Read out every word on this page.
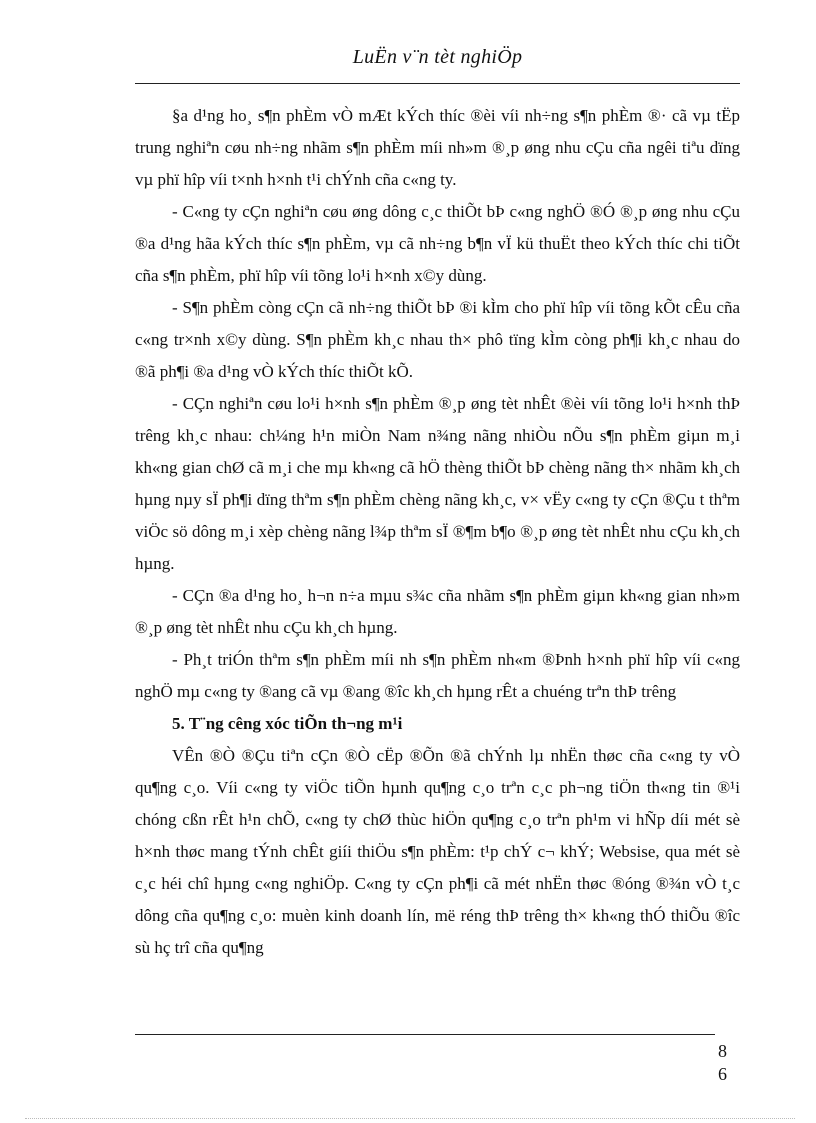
LuËn v¨n tèt nghiÖp

§a d¹ng ho¸ s¶n phÈm vÒ mÆt kÝch thíc ®èi víi nh÷ng s¶n phÈm ®· cã vµ tËp trung nghiªn cøu nh÷ng nhãm s¶n phÈm míi nh»m ®¸p øng nhu cÇu cña ngêi tiªu dïng vµ phï hîp víi t×nh h×nh t¹i chÝnh cña c«ng ty.

- C«ng ty cÇn nghiªn cøu øng dông c¸c thiÕt bÞ c«ng nghÖ ®Ó ®¸p øng nhu cÇu ®a d¹ng hãa kÝch thíc s¶n phÈm, vµ cã nh÷ng b¶n vÏ kü thuËt theo kÝch thíc chi tiÕt cña s¶n phÈm, phï hîp víi tõng lo¹i h×nh x©y dùng.

- S¶n phÈm còng cÇn cã nh÷ng thiÕt bÞ ®i kÌm cho phï hîp víi tõng kÕt cÊu cña c«ng tr×nh x©y dùng. S¶n phÈm kh¸c nhau th× phô tïng kÌm còng ph¶i kh¸c nhau do ®ã ph¶i ®a d¹ng vÒ kÝch thíc thiÕt kÕ.

- CÇn nghiªn cøu lo¹i h×nh s¶n phÈm ®¸p øng tèt nhÊt ®èi víi tõng lo¹i h×nh thÞ trêng kh¸c nhau: ch¼ng h¹n miÒn Nam n¾ng nãng nhiÒu nÕu s¶n phÈm giµn m¸i kh«ng gian chØ cã m¸i che mµ kh«ng cã hÖ thèng thiÕt bÞ chèng nãng th× nhãm kh¸ch hµng nµy sÏ ph¶i dïng thªm s¶n phÈm chèng nãng kh¸c, v× vËy c«ng ty cÇn ®Çu t thªm viÖc sö dông m¸i xèp chèng nãng l¾p thªm sÏ ®¶m b¶o ®¸p øng tèt nhÊt nhu cÇu kh¸ch hµng.

- CÇn ®a d¹ng ho¸ h¬n n÷a mµu s¾c cña nhãm s¶n phÈm giµn kh«ng gian nh»m ®¸p øng tèt nhÊt nhu cÇu kh¸ch hµng.

- Ph¸t triÓn thªm s¶n phÈm míi nh s¶n phÈm nh«m ®Þnh h×nh phï hîp víi c«ng nghÖ mµ c«ng ty ®ang cã vµ ®ang ®îc kh¸ch hµng rÊt a chuéng trªn thÞ trêng

5. T¨ng cêng xóc tiÕn th¬ng m¹i

VÊn ®Ò ®Çu tiªn cÇn ®Ò cËp ®Õn ®ã chÝnh lµ nhËn thøc cña c«ng ty vÒ qu¶ng c¸o. Víi c«ng ty viÖc tiÕn hµnh qu¶ng c¸o trªn c¸c ph¬ng tiÖn th«ng tin ®¹i chóng cßn rÊt h¹n chÕ, c«ng ty chØ thùc hiÖn qu¶ng c¸o trªn ph¹m vi hÑp díi mét sè h×nh thøc mang tÝnh chÊt giíi thiÖu s¶n phÈm: t¹p chÝ c¬ khÝ; Websise, qua mét sè c¸c héi chî hµng c«ng nghiÖp. C«ng ty cÇn ph¶i cã mét nhËn thøc ®óng ®¾n vÒ t¸c dông cña qu¶ng c¸o: muèn kinh doanh lín, më réng thÞ trêng th× kh«ng thÓ thiÕu ®îc sù hç trî cña qu¶ng

8
6
